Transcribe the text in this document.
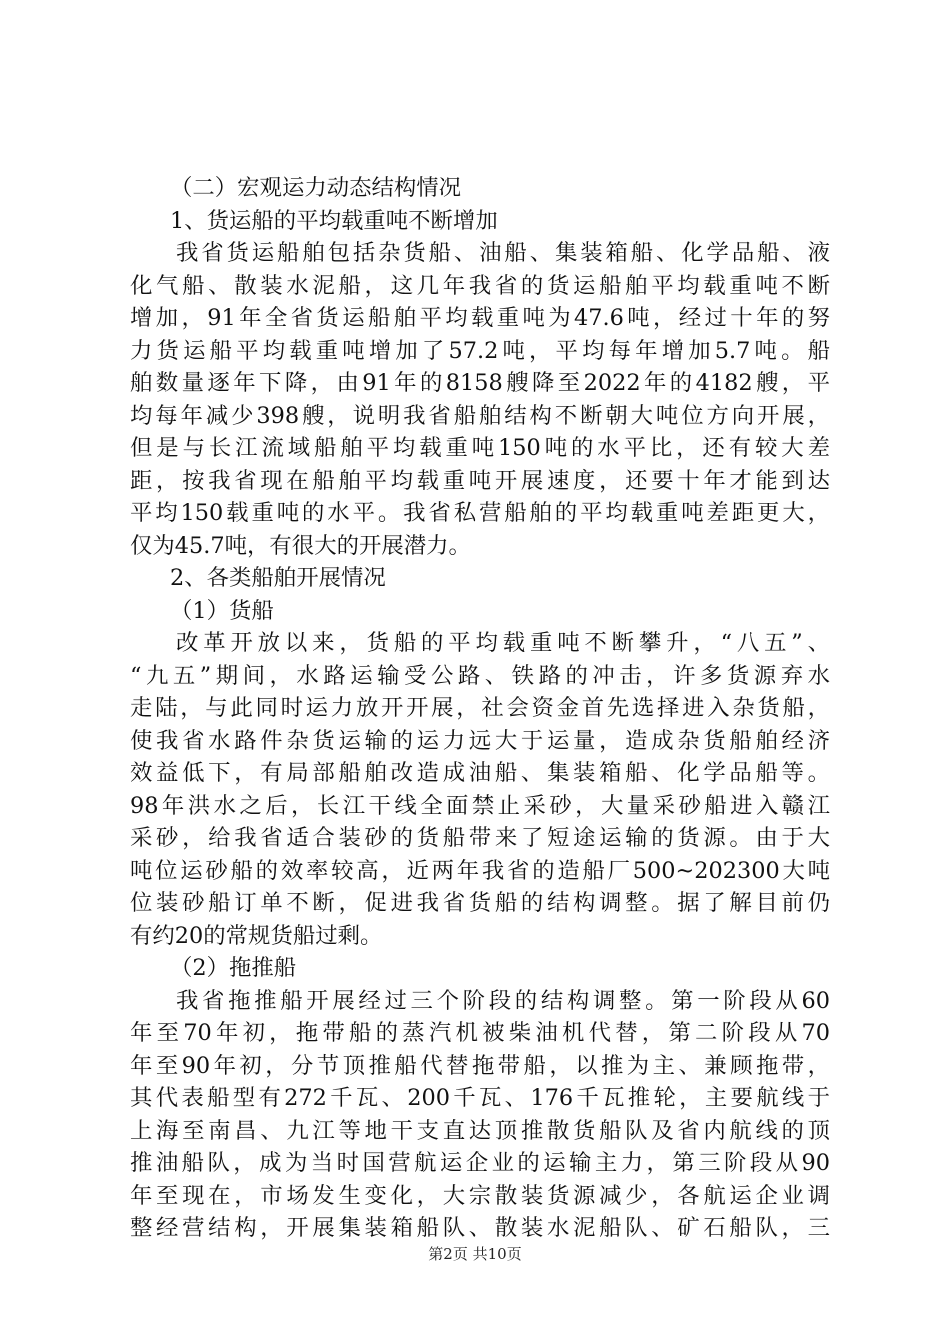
（二）宏观运力动态结构情况
1、货运船的平均载重吨不断增加
我省货运船舶包括杂货船、油船、集装箱船、化学品船、液
化气船、散装水泥船，这几年我省的货运船舶平均载重吨不断
增加，91年全省货运船舶平均载重吨为47.6吨，经过十年的努
力货运船平均载重吨增加了57.2吨，平均每年增加5.7吨。船
舶数量逐年下降，由91年的8158艘降至2022年的4182艘，平
均每年减少398艘，说明我省船舶结构不断朝大吨位方向开展，
但是与长江流域船舶平均载重吨150吨的水平比，还有较大差
距，按我省现在船舶平均载重吨开展速度，还要十年才能到达
平均150载重吨的水平。我省私营船舶的平均载重吨差距更大，
仅为45.7吨，有很大的开展潜力。
2、各类船舶开展情况
（1）货船
改革开放以来，货船的平均载重吨不断攀升，“八五”、
“九五”期间，水路运输受公路、铁路的冲击，许多货源弃水
走陆，与此同时运力放开开展，社会资金首先选择进入杂货船，
使我省水路件杂货运输的运力远大于运量，造成杂货船舶经济
效益低下，有局部船舶改造成油船、集装箱船、化学品船等。
98年洪水之后，长江干线全面禁止采砂，大量采砂船进入赣江
采砂，给我省适合装砂的货船带来了短途运输的货源。由于大
吨位运砂船的效率较高，近两年我省的造船厂500~202300大吨
位装砂船订单不断，促进我省货船的结构调整。据了解目前仍
有约20的常规货船过剩。
（2）拖推船
我省拖推船开展经过三个阶段的结构调整。第一阶段从60
年至70年初，拖带船的蒸汽机被柴油机代替，第二阶段从70
年至90年初，分节顶推船代替拖带船，以推为主、兼顾拖带，
其代表船型有272千瓦、200千瓦、176千瓦推轮，主要航线于
上海至南昌、九江等地干支直达顶推散货船队及省内航线的顶
推油船队，成为当时国营航运企业的运输主力，第三阶段从90
年至现在，市场发生变化，大宗散装货源减少，各航运企业调
整经营结构，开展集装箱船队、散装水泥船队、矿石船队，三
第2页 共10页
